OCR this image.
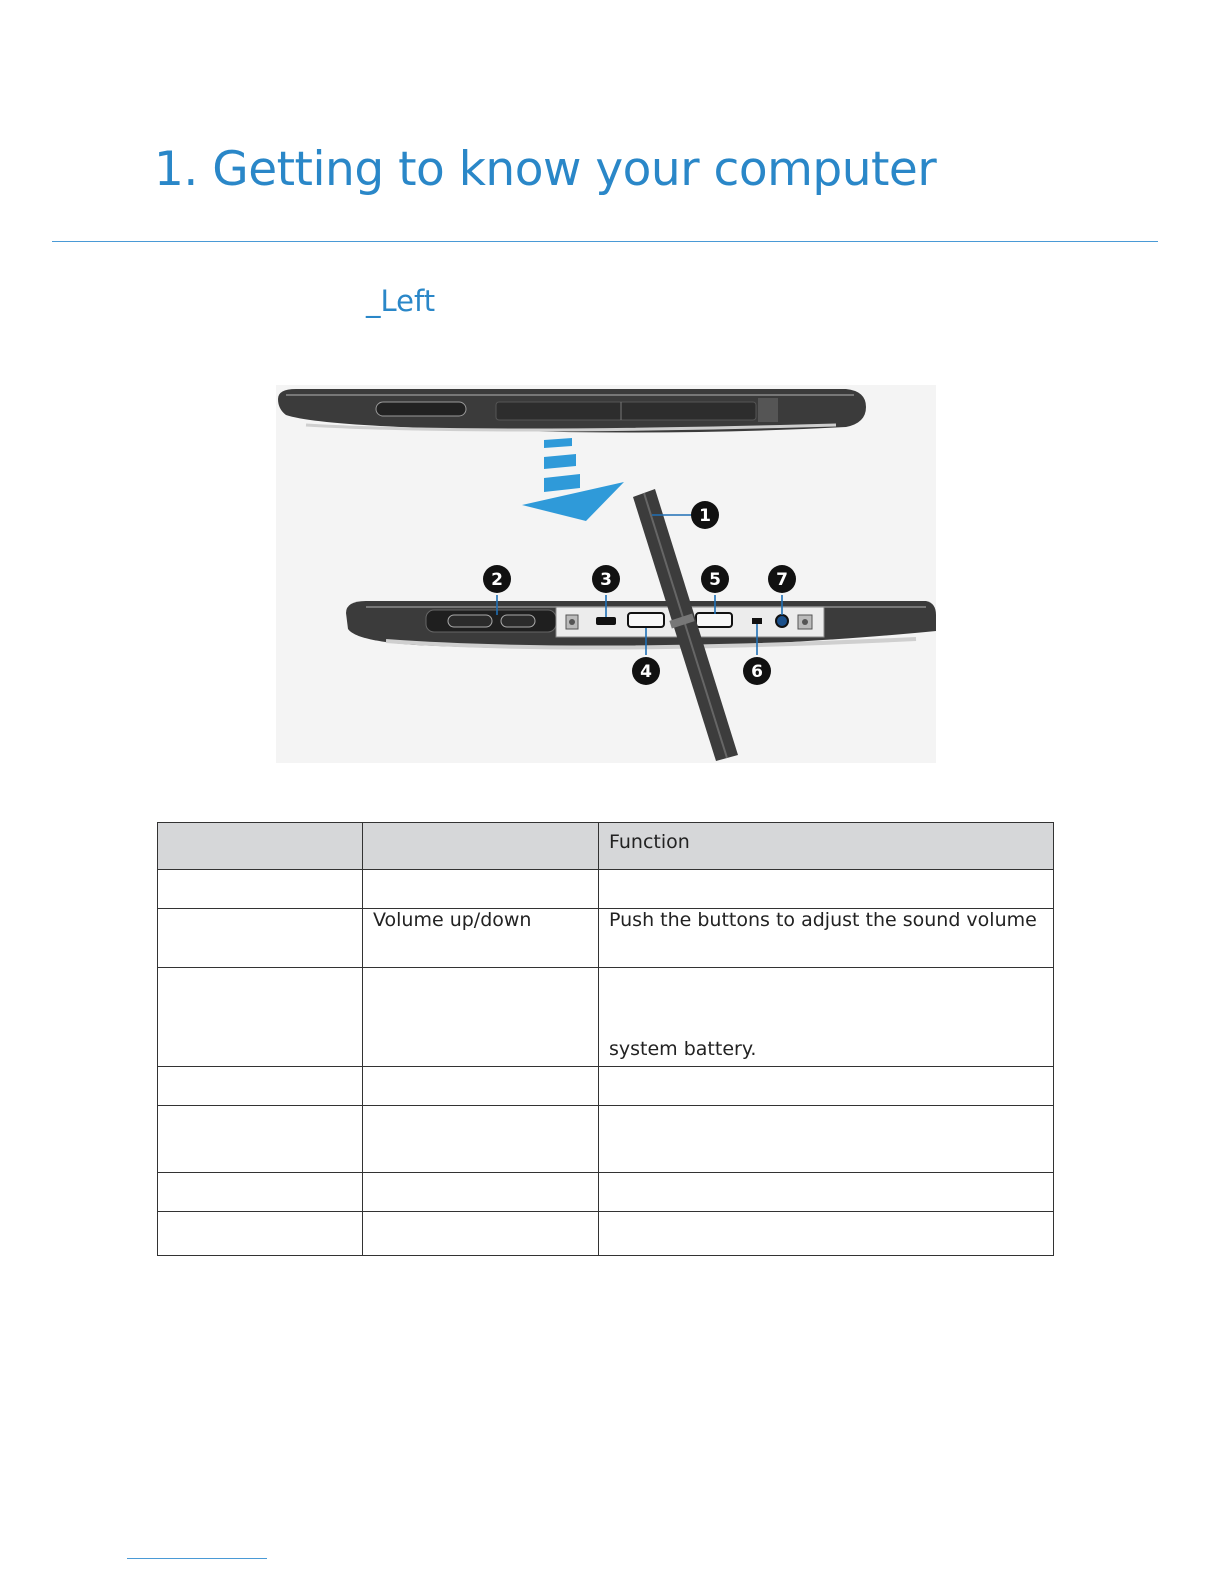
1. Getting to know your computer
_Left
1
2	3
4
5
6
7
		Function

	Volume up/down	Push the buttons to adjust the sound volume

		system battery.
